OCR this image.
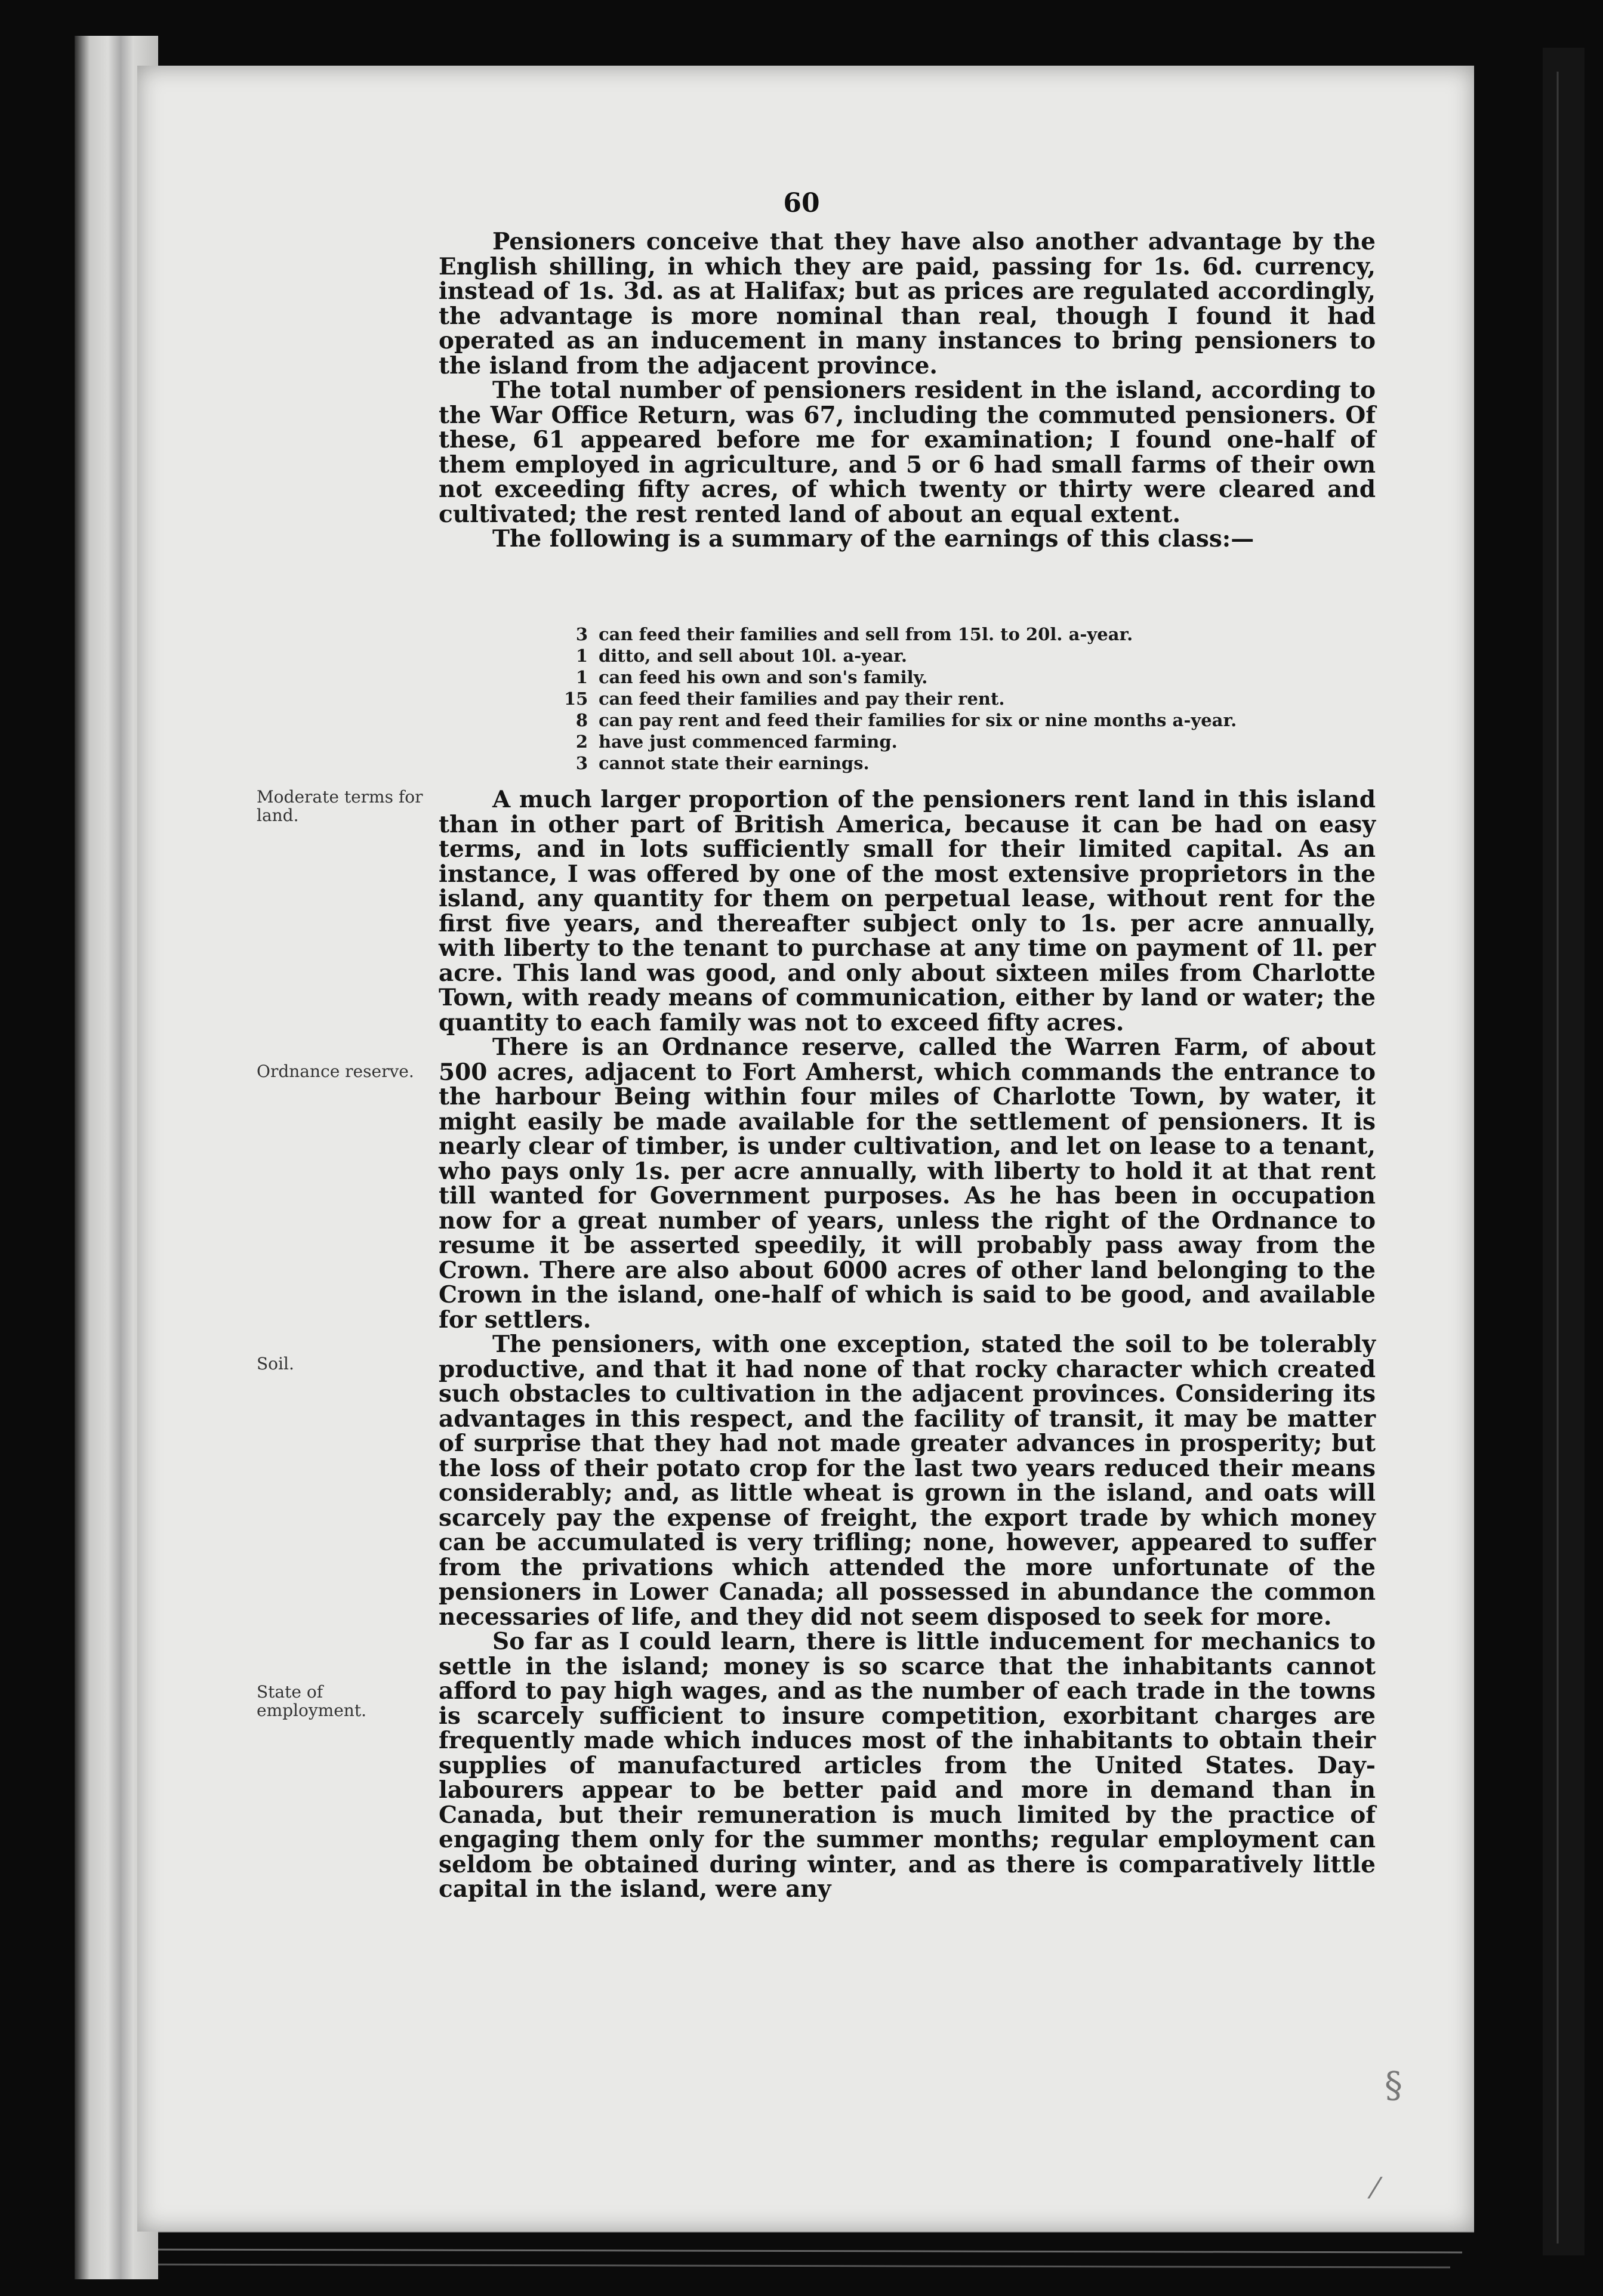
60

Pensioners conceive that they have also another advantage by the English shilling, in which they are paid, passing for 1s. 6d. currency, instead of 1s. 3d. as at Halifax; but as prices are regulated accordingly, the advantage is more nominal than real, though I found it had operated as an inducement in many instances to bring pensioners to the island from the adjacent province.

The total number of pensioners resident in the island, according to the War Office Return, was 67, including the commuted pensioners. Of these, 61 appeared before me for examination; I found one-half of them employed in agriculture, and 5 or 6 had small farms of their own not exceeding fifty acres, of which twenty or thirty were cleared and cultivated; the rest rented land of about an equal extent.

The following is a summary of the earnings of this class:—

3 can feed their families and sell from 15l. to 20l. a-year.
1 ditto, and sell about 10l. a-year.
1 can feed his own and son's family.
15 can feed their families and pay their rent.
8 can pay rent and feed their families for six or nine months a-year.
2 have just commenced farming.
3 cannot state their earnings.

A much larger proportion of the pensioners rent land in this island than in other part of British America, because it can be had on easy terms, and in lots sufficiently small for their limited capital. As an instance, I was offered by one of the most extensive proprietors in the island, any quantity for them on perpetual lease, without rent for the first five years, and thereafter subject only to 1s. per acre annually, with liberty to the tenant to purchase at any time on payment of 1l. per acre. This land was good, and only about sixteen miles from Charlotte Town, with ready means of communication, either by land or water; the quantity to each family was not to exceed fifty acres.

There is an Ordnance reserve, called the Warren Farm, of about 500 acres, adjacent to Fort Amherst, which commands the entrance to the harbour Being within four miles of Charlotte Town, by water, it might easily be made available for the settlement of pensioners. It is nearly clear of timber, is under cultivation, and let on lease to a tenant, who pays only 1s. per acre annually, with liberty to hold it at that rent till wanted for Government purposes. As he has been in occupation now for a great number of years, unless the right of the Ordnance to resume it be asserted speedily, it will probably pass away from the Crown. There are also about 6000 acres of other land belonging to the Crown in the island, one-half of which is said to be good, and available for settlers.

The pensioners, with one exception, stated the soil to be tolerably productive, and that it had none of that rocky character which created such obstacles to cultivation in the adjacent provinces. Considering its advantages in this respect, and the facility of transit, it may be matter of surprise that they had not made greater advances in prosperity; but the loss of their potato crop for the last two years reduced their means considerably; and, as little wheat is grown in the island, and oats will scarcely pay the expense of freight, the export trade by which money can be accumulated is very trifling; none, however, appeared to suffer from the privations which attended the more unfortunate of the pensioners in Lower Canada; all possessed in abundance the common necessaries of life, and they did not seem disposed to seek for more.

So far as I could learn, there is little inducement for mechanics to settle in the island; money is so scarce that the inhabitants cannot afford to pay high wages, and as the number of each trade in the towns is scarcely sufficient to insure competition, exorbitant charges are frequently made which induces most of the inhabitants to obtain their supplies of manufactured articles from the United States. Day-labourers appear to be better paid and more in demand than in Canada, but their remuneration is much limited by the practice of engaging them only for the summer months; regular employment can seldom be obtained during winter, and as there is comparatively little capital in the island, were any

Moderate terms for land.
Ordnance reserve.
Soil.
State of employment.
§
⁄
